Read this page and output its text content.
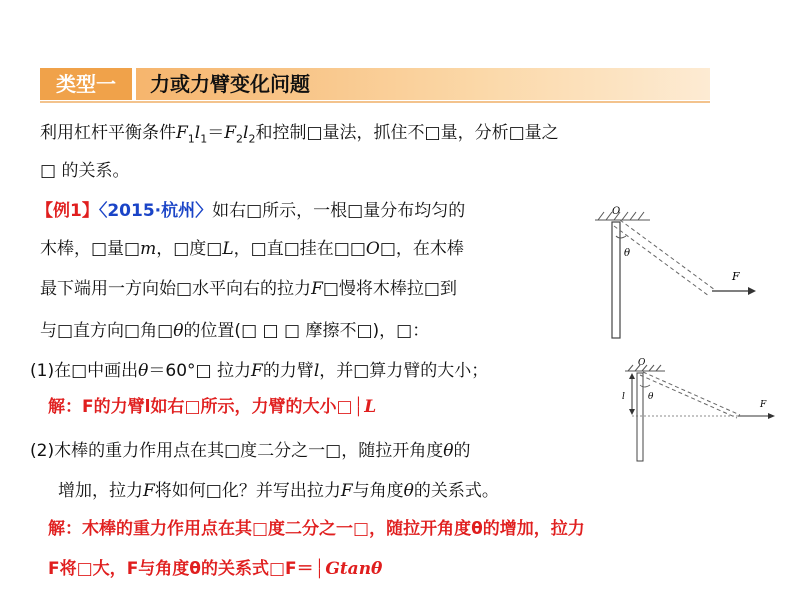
类型一	力或力臂变化问题
利用杠杆平衡条件$F_1l_1=F_2l_2$和控制□量法，抓住不□量，分析□量之
□ 的关系。
【例1】〈2015·杭州〉如右□所示，一根□量分布均匀的
木棒，□量□m，□度□L，□直□挂在□□O□，在木棒
最下端用一方向始□水平向右的拉力F□慢将木棒拉□到
与□直方向□角□θ的位置(□ □ □ 摩擦不□)，□：
(1)在□中画出θ＝60°□ 拉力F的力臂l，并□算力臂的大小；
解：F的力臂l如右□所示，力臂的大小□ |
| L
(2)木棒的重力作用点在其□度二分之一□，随拉开角度θ的
增加，拉力F将如何□化？并写出拉力F与角度θ的关系式。
解：木棒的重力作用点在其□度二分之一□，随拉开角度θ的增加，拉力
F将□大，F与角度θ的关系式□F＝ |
| Gtanθ
O
θ
F
O
θ
l
F
